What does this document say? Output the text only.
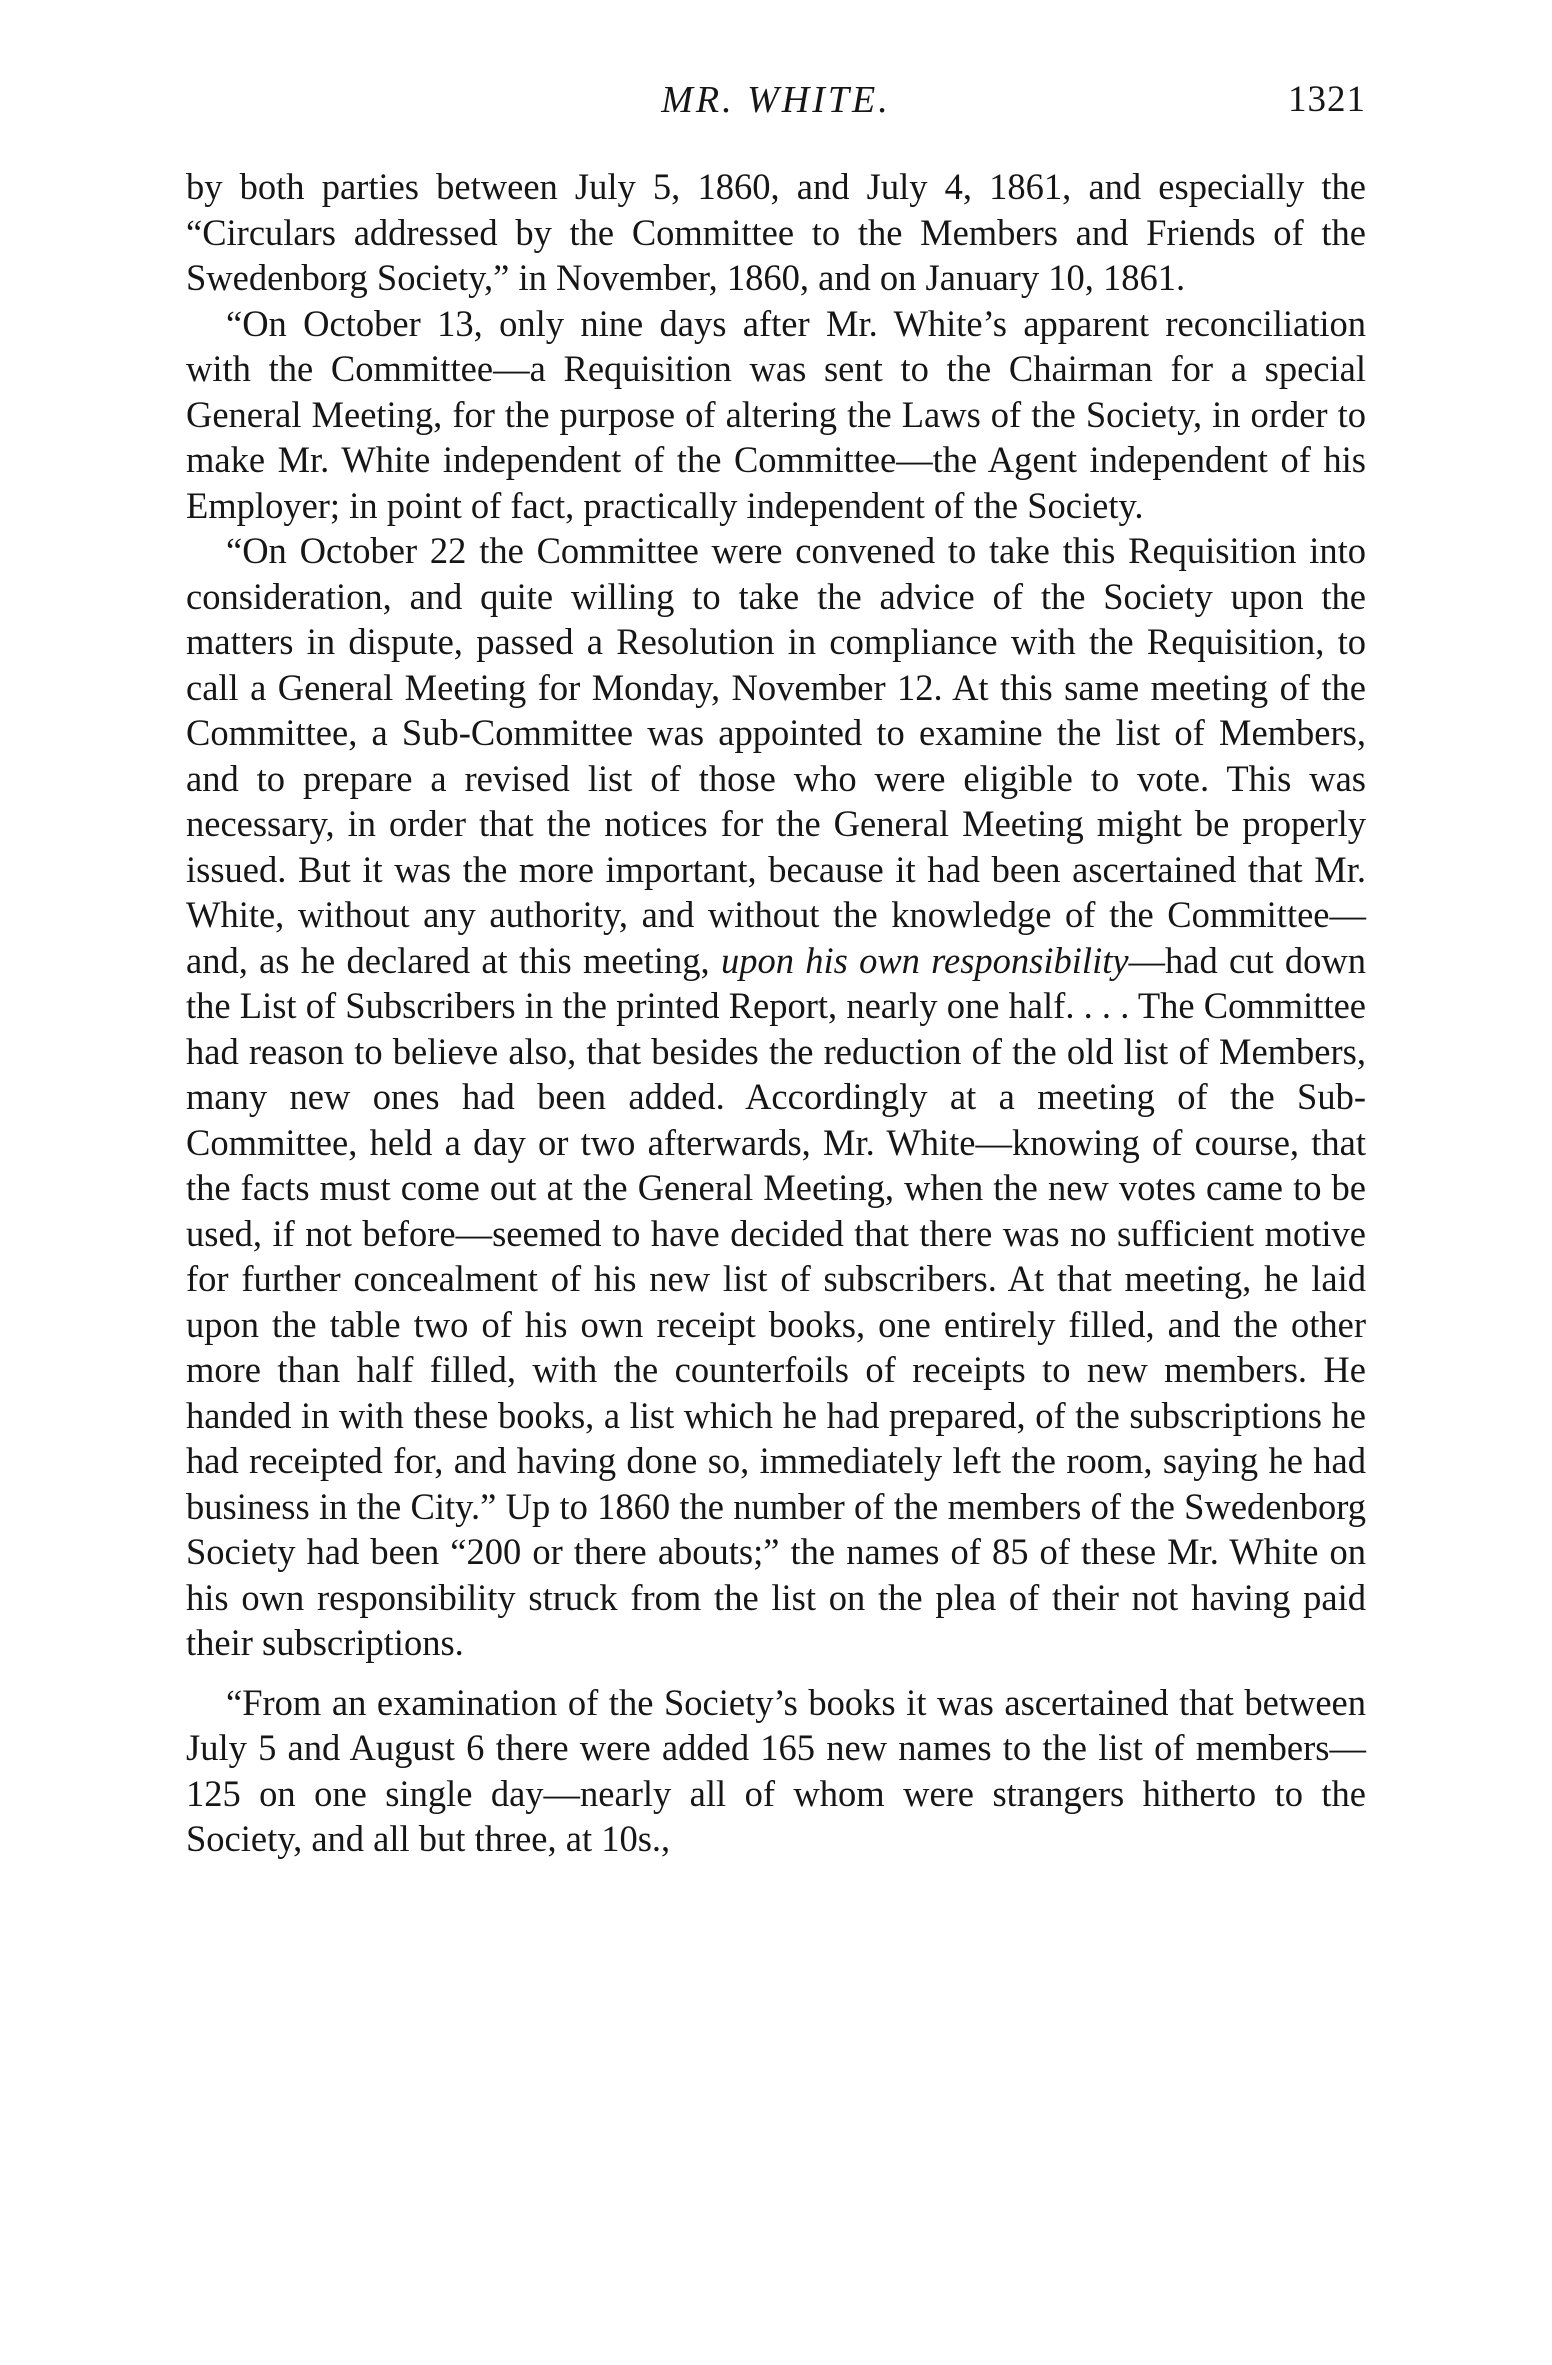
MR. WHITE.	1321

by both parties between July 5, 1860, and July 4, 1861, and especially the “Circulars addressed by the Committee to the Members and Friends of the Swedenborg Society,” in November, 1860, and on January 10, 1861.

“On October 13, only nine days after Mr. White’s apparent reconciliation with the Committee—a Requisition was sent to the Chairman for a special General Meeting, for the purpose of altering the Laws of the Society, in order to make Mr. White independent of the Committee—the Agent independent of his Employer; in point of fact, practically independent of the Society.

“On October 22 the Committee were convened to take this Requisition into consideration, and quite willing to take the advice of the Society upon the matters in dispute, passed a Resolution in compliance with the Requisition, to call a General Meeting for Monday, November 12. At this same meeting of the Committee, a Sub-Committee was appointed to examine the list of Members, and to prepare a revised list of those who were eligible to vote. This was necessary, in order that the notices for the General Meeting might be properly issued. But it was the more important, because it had been ascertained that Mr. White, without any authority, and without the knowledge of the Committee—and, as he declared at this meeting, upon his own responsibility—had cut down the List of Subscribers in the printed Report, nearly one half. . . . The Committee had reason to believe also, that besides the reduction of the old list of Members, many new ones had been added. Accordingly at a meeting of the Sub-Committee, held a day or two afterwards, Mr. White—knowing of course, that the facts must come out at the General Meeting, when the new votes came to be used, if not before—seemed to have decided that there was no sufficient motive for further concealment of his new list of subscribers. At that meeting, he laid upon the table two of his own receipt books, one entirely filled, and the other more than half filled, with the counterfoils of receipts to new members. He handed in with these books, a list which he had prepared, of the subscriptions he had receipted for, and having done so, immediately left the room, saying he had business in the City.” Up to 1860 the number of the members of the Swedenborg Society had been “200 or there abouts;” the names of 85 of these Mr. White on his own responsibility struck from the list on the plea of their not having paid their subscriptions.

“From an examination of the Society’s books it was ascertained that between July 5 and August 6 there were added 165 new names to the list of members—125 on one single day—nearly all of whom were strangers hitherto to the Society, and all but three, at 10s.,
